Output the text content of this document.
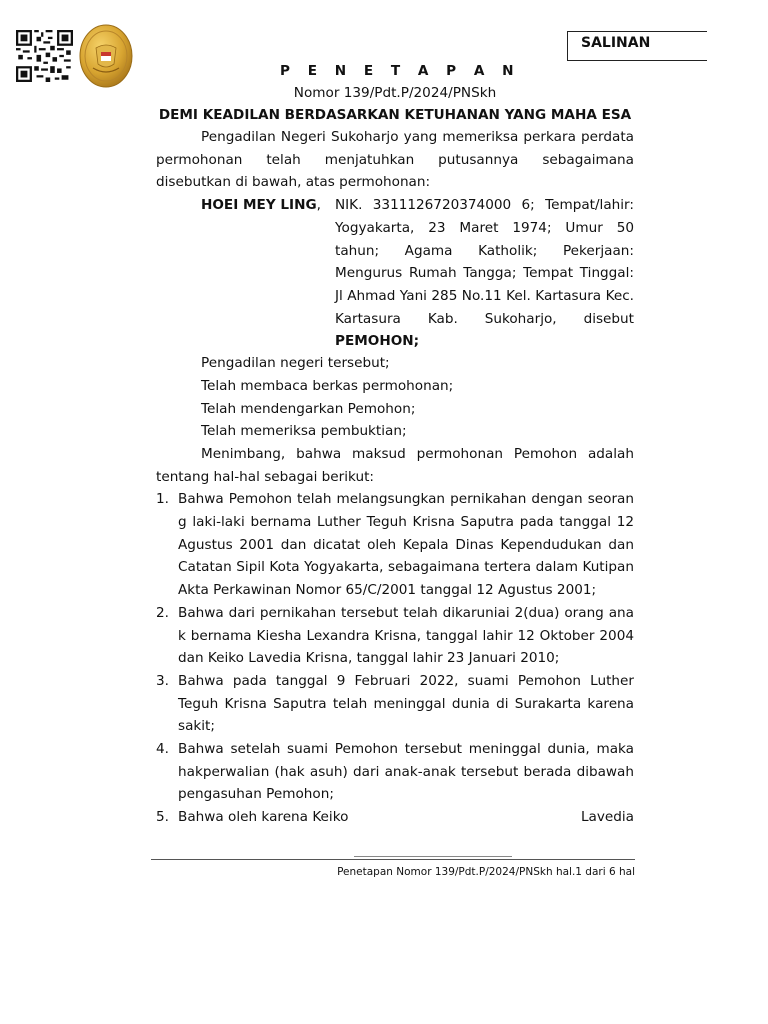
SALINAN
P E N E T A P A N
Nomor 139/Pdt.P/2024/PNSkh
DEMI KEADILAN BERDASARKAN KETUHANAN YANG MAHA ESA
Pengadilan Negeri Sukoharjo yang memeriksa perkara perdata permohonan telah menjatuhkan putusannya sebagaimana disebutkan di bawah, atas permohonan:
HOEI MEY LING, NIK. 3311126720374000 6; Tempat/lahir: Yogyakarta, 23 Maret 1974; Umur 50 tahun; Agama Katholik; Pekerjaan: Mengurus Rumah Tangga; Tempat Tinggal: Jl Ahmad Yani 285 No.11 Kel. Kartasura Kec. Kartasura Kab. Sukoharjo, disebut PEMOHON;
Pengadilan negeri tersebut;
Telah membaca berkas permohonan;
Telah mendengarkan Pemohon;
Telah memeriksa pembuktian;
Menimbang, bahwa maksud permohonan Pemohon adalah tentang hal-hal sebagai berikut:
1. Bahwa Pemohon telah melangsungkan pernikahan dengan seoran g laki-laki bernama Luther Teguh Krisna Saputra pada tanggal 12 Agustus 2001 dan dicatat oleh Kepala Dinas Kependudukan dan Catatan Sipil Kota Yogyakarta, sebagaimana tertera dalam Kutipan Akta Perkawinan Nomor 65/C/2001 tanggal 12 Agustus 2001;
2. Bahwa dari pernikahan tersebut telah dikaruniai 2(dua) orang ana k bernama Kiesha Lexandra Krisna, tanggal lahir 12 Oktober 2004 dan Keiko Lavedia Krisna, tanggal lahir 23 Januari 2010;
3. Bahwa pada tanggal 9 Februari 2022, suami Pemohon Luther Teguh Krisna Saputra telah meninggal dunia di Surakarta karena sakit;
4. Bahwa setelah suami Pemohon tersebut meninggal dunia, maka hakperwalian (hak asuh) dari anak-anak tersebut berada dibawah pengasuhan Pemohon;
5. Bahwa oleh karena Keiko	Lavedia
Penetapan Nomor 139/Pdt.P/2024/PNSkh hal.1 dari 6 hal
